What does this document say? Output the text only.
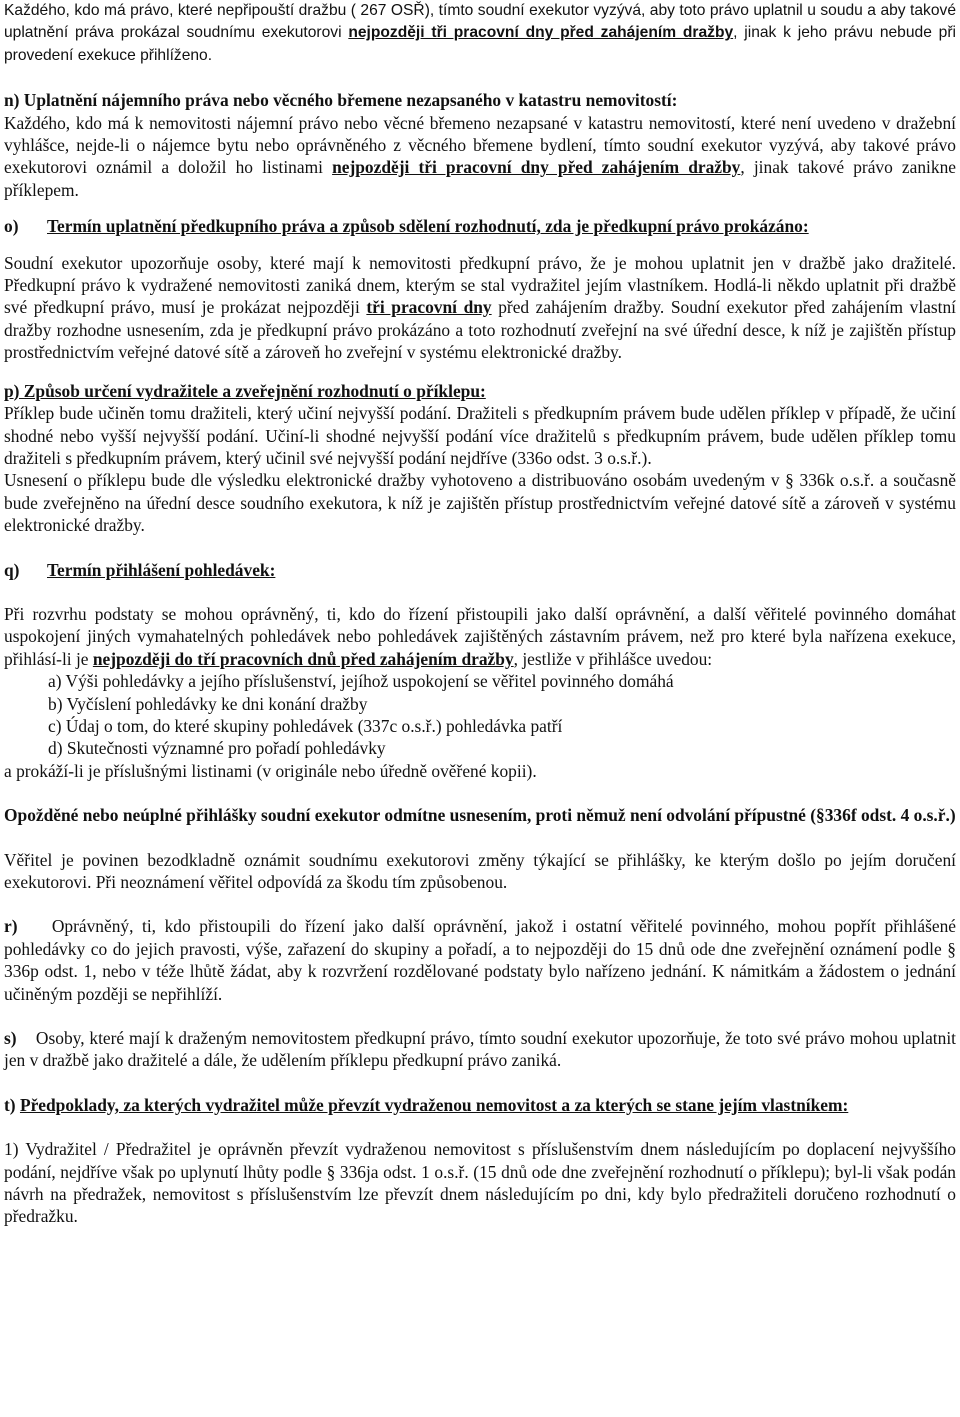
Každého, kdo má právo, které nepřipouští dražbu ( 267 OSŘ), tímto soudní exekutor vyzývá, aby toto právo uplatnil u soudu a aby takové uplatnění práva prokázal soudnímu exekutorovi nejpozději tři pracovní dny před zahájením dražby, jinak k jeho právu nebude při provedení exekuce přihlíženo.

n) Uplatnění nájemního práva nebo věcného břemene nezapsaného v katastru nemovitostí:

Každého, kdo má k nemovitosti nájemní právo nebo věcné břemeno nezapsané v katastru nemovitostí, které není uvedeno v dražební vyhlášce, nejde-li o nájemce bytu nebo oprávněného z věcného břemene bydlení, tímto soudní exekutor vyzývá, aby takové právo exekutorovi oznámil a doložil ho listinami nejpozději tři pracovní dny před zahájením dražby, jinak takové právo zanikne příklepem.

o)	Termín uplatnění předkupního práva a způsob sdělení rozhodnutí, zda je předkupní právo prokázáno:

Soudní exekutor upozorňuje osoby, které mají k nemovitosti předkupní právo, že je mohou uplatnit jen v dražbě jako dražitelé. Předkupní právo k vydražené nemovitosti zaniká dnem, kterým se stal vydražitel jejím vlastníkem. Hodlá-li někdo uplatnit při dražbě své předkupní právo, musí je prokázat nejpozději tři pracovní dny před zahájením dražby. Soudní exekutor před zahájením vlastní dražby rozhodne usnesením, zda je předkupní právo prokázáno a toto rozhodnutí zveřejní na své úřední desce, k níž je zajištěn přístup prostřednictvím veřejné datové sítě a zároveň ho zveřejní v systému elektronické dražby.

p) Způsob určení vydražitele a zveřejnění rozhodnutí o příklepu:

Příklep bude učiněn tomu dražiteli, který učiní nejvyšší podání. Dražiteli s předkupním právem bude udělen příklep v případě, že učiní shodné nebo vyšší nejvyšší podání. Učiní-li shodné nejvyšší podání více dražitelů s předkupním právem, bude udělen příklep tomu dražiteli s předkupním právem, který učinil své nejvyšší podání nejdříve (336o odst. 3 o.s.ř.).

Usnesení o příklepu bude dle výsledku elektronické dražby vyhotoveno a distribuováno osobám uvedeným v § 336k o.s.ř. a současně bude zveřejněno na úřední desce soudního exekutora, k níž je zajištěn přístup prostřednictvím veřejné datové sítě a zároveň v systému elektronické dražby.

q)	Termín přihlášení pohledávek:

Při rozvrhu podstaty se mohou oprávněný, ti, kdo do řízení přistoupili jako další oprávnění, a další věřitelé povinného domáhat uspokojení jiných vymahatelných pohledávek nebo pohledávek zajištěných zástavním právem, než pro které byla nařízena exekuce, přihlásí-li je nejpozději do tří pracovních dnů před zahájením dražby, jestliže v přihlášce uvedou:

a) Výši pohledávky a jejího příslušenství, jejíhož uspokojení se věřitel povinného domáhá
b) Vyčíslení pohledávky ke dni konání dražby
c) Údaj o tom, do které skupiny pohledávek (337c o.s.ř.) pohledávka patří
d) Skutečnosti významné pro pořadí pohledávky

a prokáží-li je příslušnými listinami (v originále nebo úředně ověřené kopii).

Opožděné nebo neúplné přihlášky soudní exekutor odmítne usnesením, proti němuž není odvolání přípustné (§336f odst. 4 o.s.ř.)

Věřitel je povinen bezodkladně oznámit soudnímu exekutorovi změny týkající se přihlášky, ke kterým došlo po jejím doručení exekutorovi. Při neoznámení věřitel odpovídá za škodu tím způsobenou.

r)    Oprávněný, ti, kdo přistoupili do řízení jako další oprávnění, jakož i ostatní věřitelé povinného, mohou popřít přihlášené pohledávky co do jejich pravosti, výše, zařazení do skupiny a pořadí, a to nejpozději do 15 dnů ode dne zveřejnění oznámení podle § 336p odst. 1, nebo v téže lhůtě žádat, aby k rozvržení rozdělované podstaty bylo nařízeno jednání. K námitkám a žádostem o jednání učiněným později se nepřihlíží.

s)    Osoby, které mají k draženým nemovitostem předkupní právo, tímto soudní exekutor upozorňuje, že toto své právo mohou uplatnit jen v dražbě jako dražitelé a dále, že udělením příklepu předkupní právo zaniká.

t) Předpoklady, za kterých vydražitel může převzít vydraženou nemovitost a za kterých se stane jejím vlastníkem:

1) Vydražitel / Předražitel je oprávněn převzít vydraženou nemovitost s příslušenstvím dnem následujícím po doplacení nejvyššího podání, nejdříve však po uplynutí lhůty podle § 336ja odst. 1 o.s.ř. (15 dnů ode dne zveřejnění rozhodnutí o příklepu); byl-li však podán návrh na předražek, nemovitost s příslušenstvím lze převzít dnem následujícím po dni, kdy bylo předražiteli doručeno rozhodnutí o předražku.
